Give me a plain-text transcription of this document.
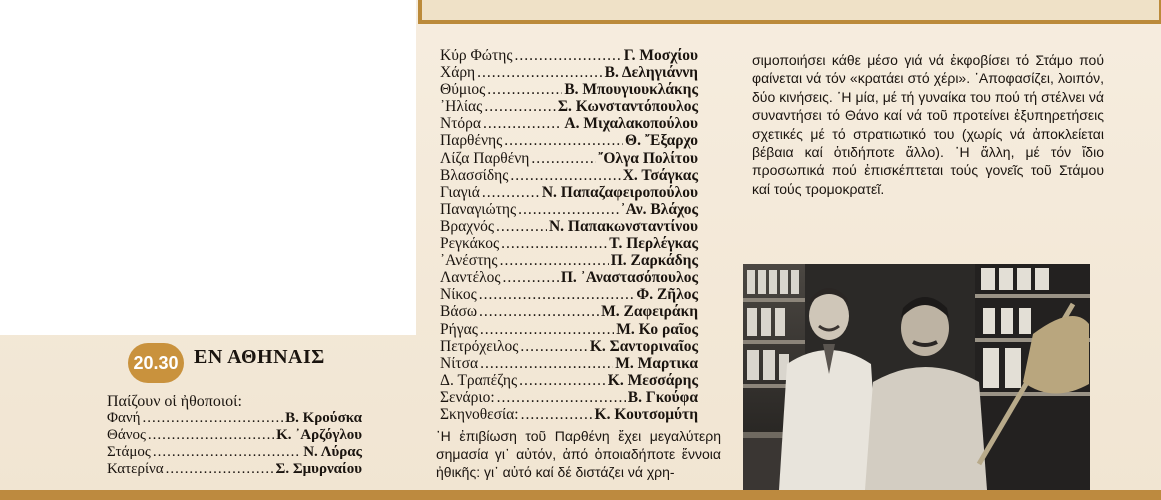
20.30 ΕΝ ΑΘΗΝΑΙΣ
Παίζουν οἱ ἠθοποιοί:
Φανή .....	Β. Κρούσκα
Θάνος .....	Κ. ᾿Αρζόγλου
Στάμος .....	Ν. Λύρας
Κατερίνα .....	Σ. Σμυρναίου
Κύρ Φώτης .....	Γ. Μοσχίου
Χάρη .....	Β. Δεληγιάννη
Θύμιος .....	Β. Μπουγιουκλάκης
᾿Ηλίας .....	Σ. Κωνσταντόπουλος
Ντόρα .....	Α. Μιχαλακοπούλου
Παρθένης .....	Θ. ῎Εξαρχο
Λίζα Παρθένη .....	῎Ολγα Πολίτου
Βλασσίδης .....	Χ. Τσάγκας
Γιαγιά .....	Ν. Παπαζαφειροπούλου
Παναγιώτης .....	᾿Αν. Βλάχος
Βραχνός .....	Ν. Παπακωνσταντίνου
Ρεγκάκος .....	Τ. Περλέγκας
᾿Ανέστης .....	Π. Ζαρκάδης
Λαντέλος .....	Π. ᾿Αναστασόπουλος
Νίκος .....	Φ. Ζῆλος
Βάσω .....	Μ. Ζαφειράκη
Ρήγας .....	Μ. Κο ραῖος
Πετρόχειλος .....	Κ. Σαντοριναῖος
Νίτσα .....	Μ. Μαρτικα
Δ. Τραπέζης .....	Κ. Μεσσάρης
Σενάριο: .....	Β. Γκούφα
Σκηνοθεσία: .....	Κ. Κουτσομύτη
῾Η ἐπιβίωση τοῦ Παρθένη ἔχει μεγαλύτερη σημασία γι᾿ αὐτόν, ἀπό ὁποιαδήποτε ἔννοια ἠθικῆς: γι᾿ αὐτό καί δέ διστάζει νά χρη-
σιμοποιήσει κάθε μέσο γιά νά ἐκφοβίσει τό Στάμο πού φαίνεται νά τόν «κρατάει στό χέρι». ᾿Αποφασίζει, λοιπόν, δύο κινήσεις. ῾Η μία, μέ τή γυναίκα του πού τή στέλνει νά συναντήσει τό Θάνο καί νά τοῦ προτείνει ἐξυπηρετήσεις σχετικές μέ τό στρατιωτικό του (χωρίς νά ἀποκλείεται βέβαια καί ὁτιδήποτε ἄλλο). ῾Η ἄλλη, μέ τόν ἴδιο προσωπικά πού ἐπισκέπτεται τούς γονεῖς τοῦ Στάμου καί τούς τρομοκρατεῖ.
